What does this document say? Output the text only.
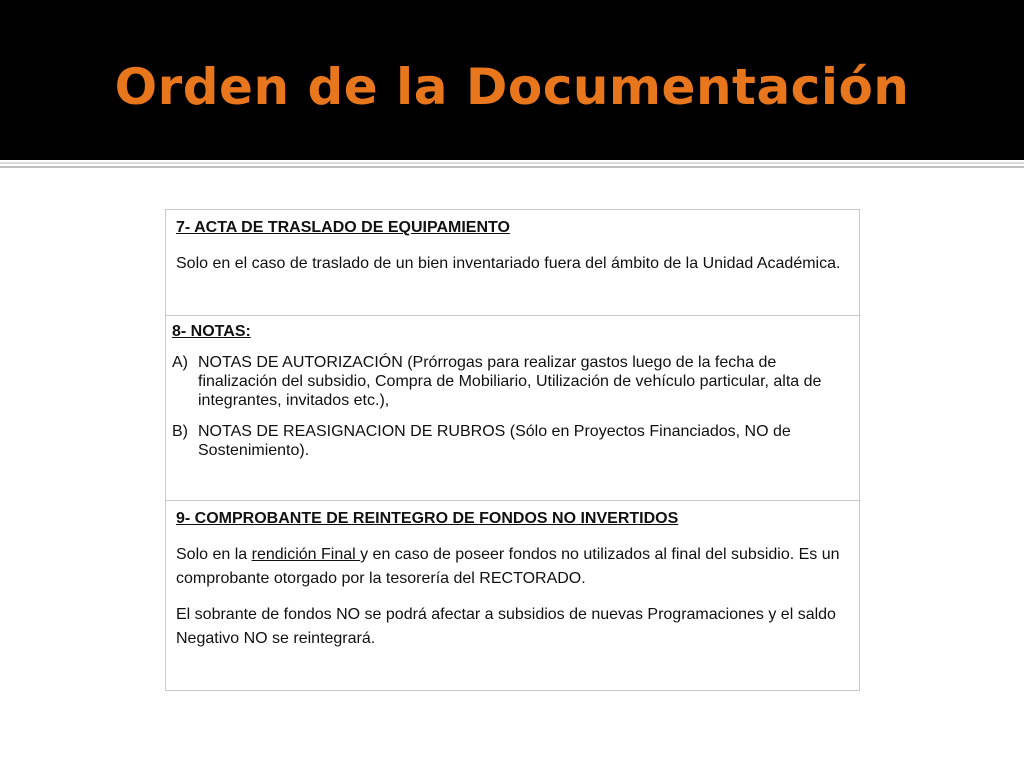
Orden de la Documentación
7- ACTA DE TRASLADO DE EQUIPAMIENTO
Solo en el caso de traslado de un bien inventariado fuera del ámbito de la Unidad Académica.
8- NOTAS:
A) NOTAS DE AUTORIZACIÓN (Prórrogas para realizar gastos luego de la fecha de finalización del subsidio, Compra de Mobiliario, Utilización de vehículo particular, alta de integrantes, invitados etc.),
B) NOTAS DE REASIGNACION DE RUBROS (Sólo en Proyectos Financiados, NO de Sostenimiento).
9- COMPROBANTE DE REINTEGRO DE FONDOS NO INVERTIDOS
Solo en la rendición Final y en caso de poseer fondos no utilizados al final del subsidio. Es un comprobante otorgado por la tesorería del RECTORADO.
El sobrante de fondos NO se podrá afectar a subsidios de nuevas Programaciones y el saldo Negativo NO se reintegrará.
